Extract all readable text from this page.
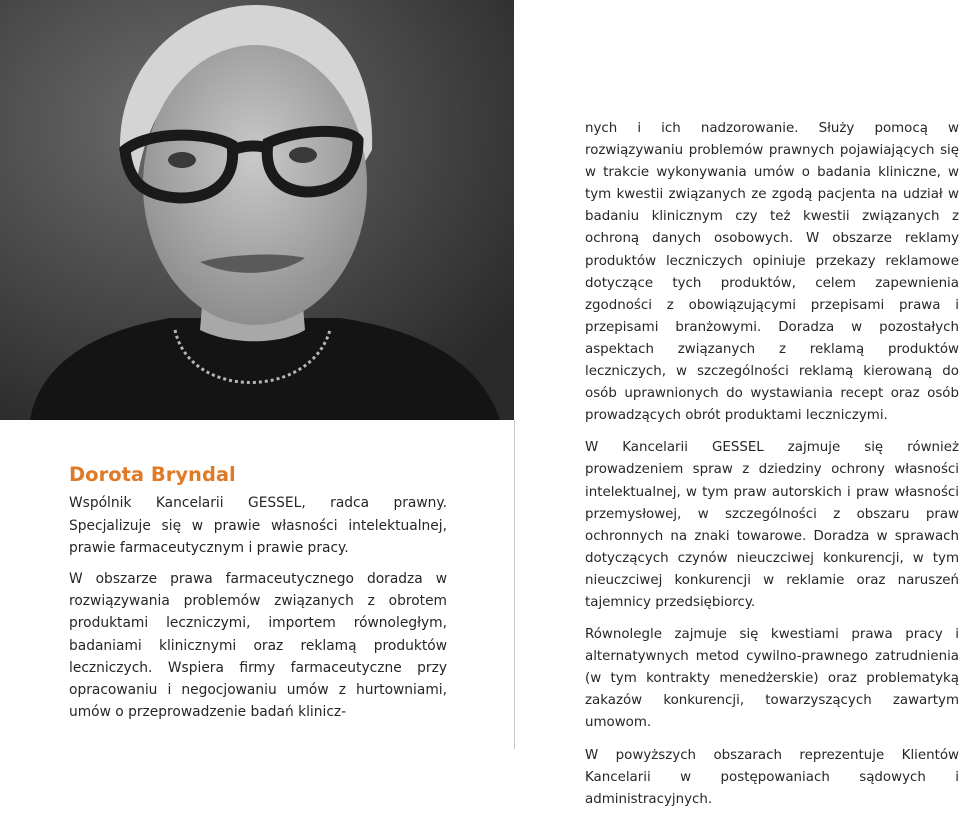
Dorota Bryndal

Wspólnik Kancelarii GESSEL, radca prawny. Specjalizuje się w prawie własności intelektualnej, prawie farmaceutycznym i prawie pracy.

W obszarze prawa farmaceutycznego doradza w rozwiązywania problemów związanych z obrotem produktami leczniczymi, importem równoległym, badaniami klinicznymi oraz reklamą produktów leczniczych. Wspiera firmy farmaceutyczne przy opracowaniu i negocjowaniu umów z hurtowniami, umów o przeprowadzenie badań klinicz-

nych i ich nadzorowanie. Służy pomocą w rozwiązywaniu problemów prawnych pojawiających się w trakcie wykonywania umów o badania kliniczne, w tym kwestii związanych ze zgodą pacjenta na udział w badaniu klinicznym czy też kwestii związanych z ochroną danych osobowych. W obszarze reklamy produktów leczniczych opiniuje przekazy reklamowe dotyczące tych produktów, celem zapewnienia zgodności z obowiązującymi przepisami prawa i przepisami branżowymi. Doradza w pozostałych aspektach związanych z reklamą produktów leczniczych, w szczególności reklamą kierowaną do osób uprawnionych do wystawiania recept oraz osób prowadzących obrót produktami leczniczymi.

W Kancelarii GESSEL zajmuje się również prowadzeniem spraw z dziedziny ochrony własności intelektualnej, w tym praw autorskich i praw własności przemysłowej, w szczególności z obszaru praw ochronnych na znaki towarowe. Doradza w sprawach dotyczących czynów nieuczciwej konkurencji, w tym nieuczciwej konkurencji w reklamie oraz naruszeń tajemnicy przedsiębiorcy.

Równolegle zajmuje się kwestiami prawa pracy i alternatywnych metod cywilno-prawnego zatrudnienia (w tym kontrakty menedżerskie) oraz problematyką zakazów konkurencji, towarzyszących zawartym umowom.

W powyższych obszarach reprezentuje Klientów Kancelarii w postępowaniach sądowych i administracyjnych.
